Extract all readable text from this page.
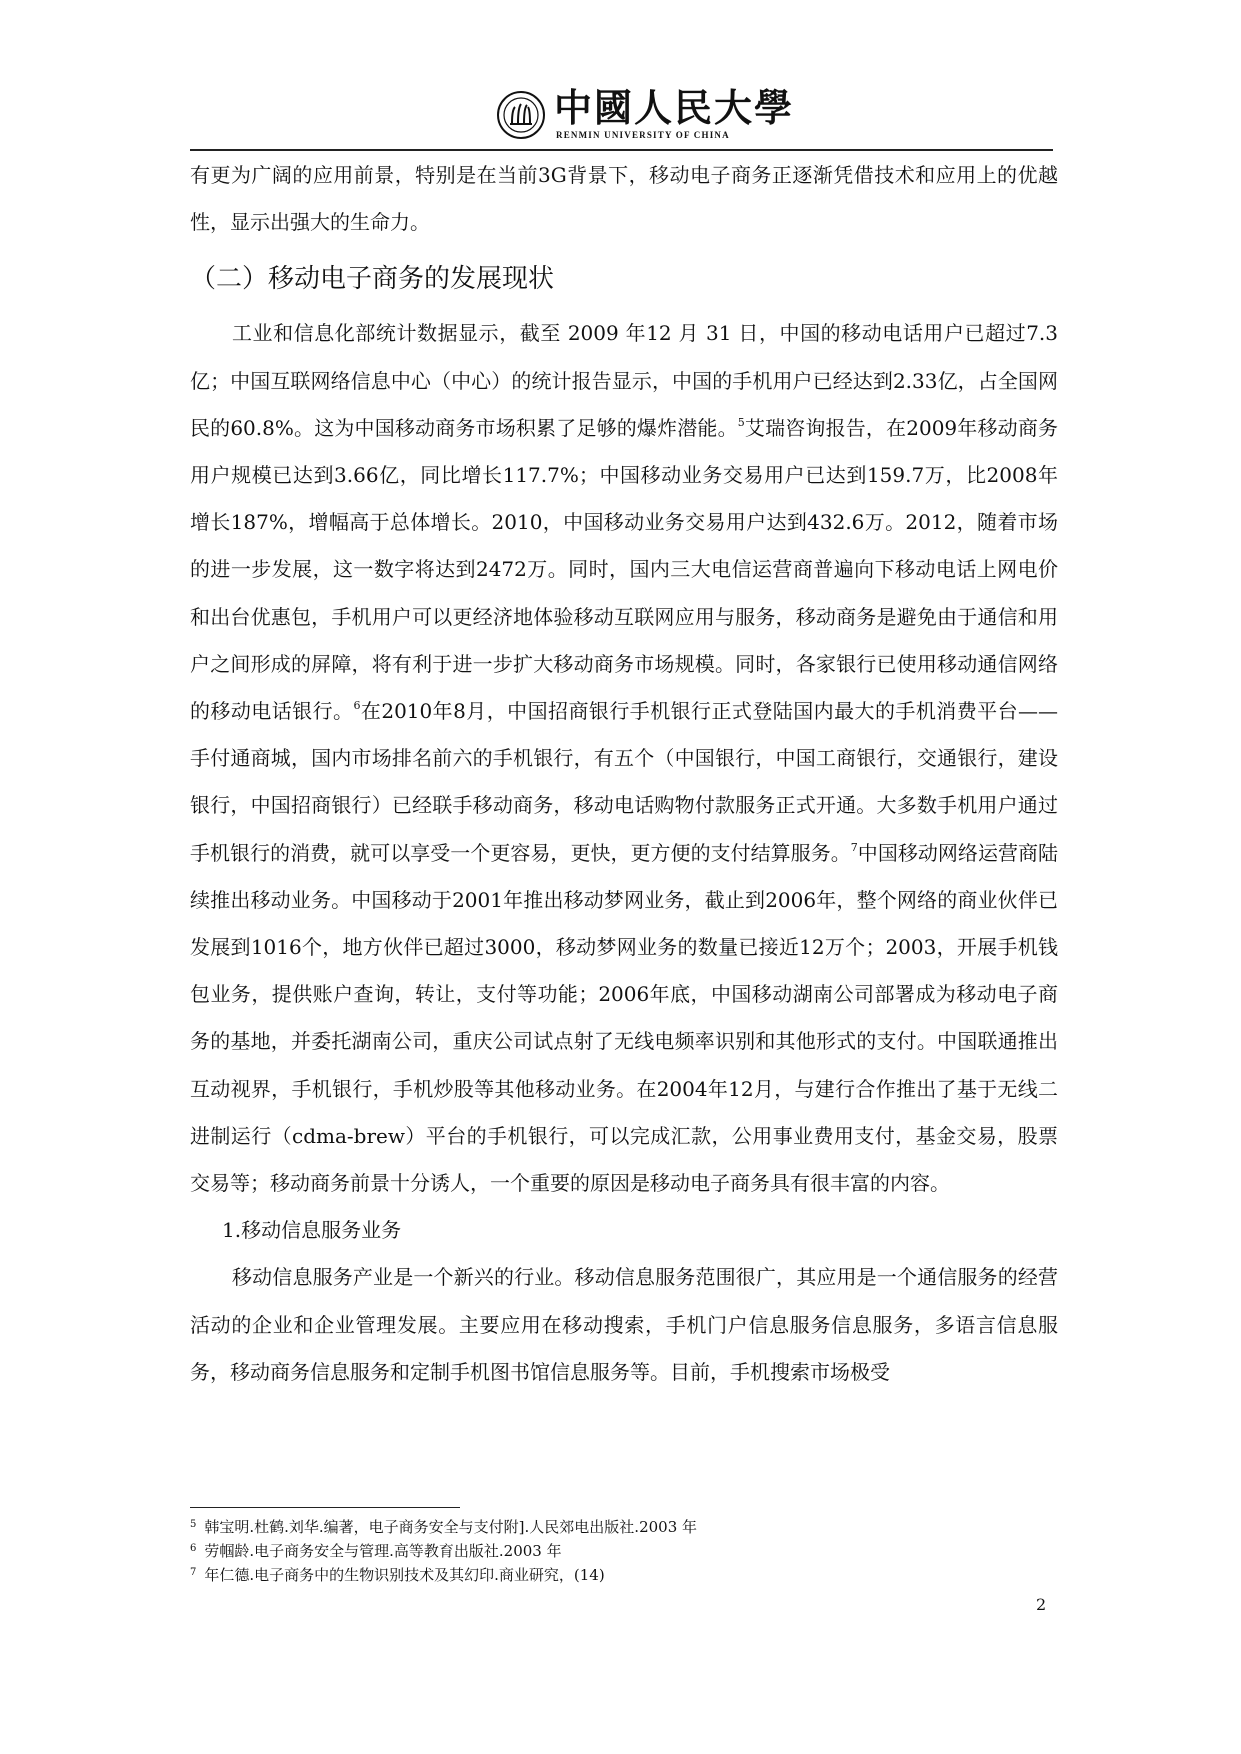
中國人民大學
RENMIN UNIVERSITY OF CHINA

有更为广阔的应用前景，特别是在当前3G背景下，移动电子商务正逐渐凭借技术和应用上的优越性，显示出强大的生命力。

（二）移动电子商务的发展现状

工业和信息化部统计数据显示，截至 2009 年12 月 31 日，中国的移动电话用户已超过7.3亿；中国互联网络信息中心（中心）的统计报告显示，中国的手机用户已经达到2.33亿，占全国网民的60.8%。这为中国移动商务市场积累了足够的爆炸潜能。$^5$艾瑞咨询报告，在2009年移动商务用户规模已达到3.66亿，同比增长117.7%；中国移动业务交易用户已达到159.7万，比2008年增长187%，增幅高于总体增长。2010，中国移动业务交易用户达到432.6万。2012，随着市场的进一步发展，这一数字将达到2472万。同时，国内三大电信运营商普遍向下移动电话上网电价和出台优惠包，手机用户可以更经济地体验移动互联网应用与服务，移动商务是避免由于通信和用户之间形成的屏障，将有利于进一步扩大移动商务市场规模。同时，各家银行已使用移动通信网络的移动电话银行。$^6$在2010年8月，中国招商银行手机银行正式登陆国内最大的手机消费平台——手付通商城，国内市场排名前六的手机银行，有五个（中国银行，中国工商银行，交通银行，建设银行，中国招商银行）已经联手移动商务，移动电话购物付款服务正式开通。大多数手机用户通过手机银行的消费，就可以享受一个更容易，更快，更方便的支付结算服务。$^7$中国移动网络运营商陆续推出移动业务。中国移动于2001年推出移动梦网业务，截止到2006年，整个网络的商业伙伴已发展到1016个，地方伙伴已超过3000，移动梦网业务的数量已接近12万个；2003，开展手机钱包业务，提供账户查询，转让，支付等功能；2006年底，中国移动湖南公司部署成为移动电子商务的基地，并委托湖南公司，重庆公司试点射了无线电频率识别和其他形式的支付。中国联通推出互动视界，手机银行，手机炒股等其他移动业务。在2004年12月，与建行合作推出了基于无线二进制运行（cdma-brew）平台的手机银行，可以完成汇款，公用事业费用支付，基金交易，股票交易等；移动商务前景十分诱人，一个重要的原因是移动电子商务具有很丰富的内容。

1.移动信息服务业务

移动信息服务产业是一个新兴的行业。移动信息服务范围很广，其应用是一个通信服务的经营活动的企业和企业管理发展。主要应用在移动搜索，手机门户信息服务信息服务，多语言信息服务，移动商务信息服务和定制手机图书馆信息服务等。目前，手机搜索市场极受

$^5$ 韩宝明.杜鹤.刘华.编著，电子商务安全与支付附].人民郊电出版社.2003 年

$^6$ 劳帼龄.电子商务安全与管理.高等教育出版社.2003 年

$^7$ 年仁德.电子商务中的生物识别技术及其幻印.商业研究，(14)

2
